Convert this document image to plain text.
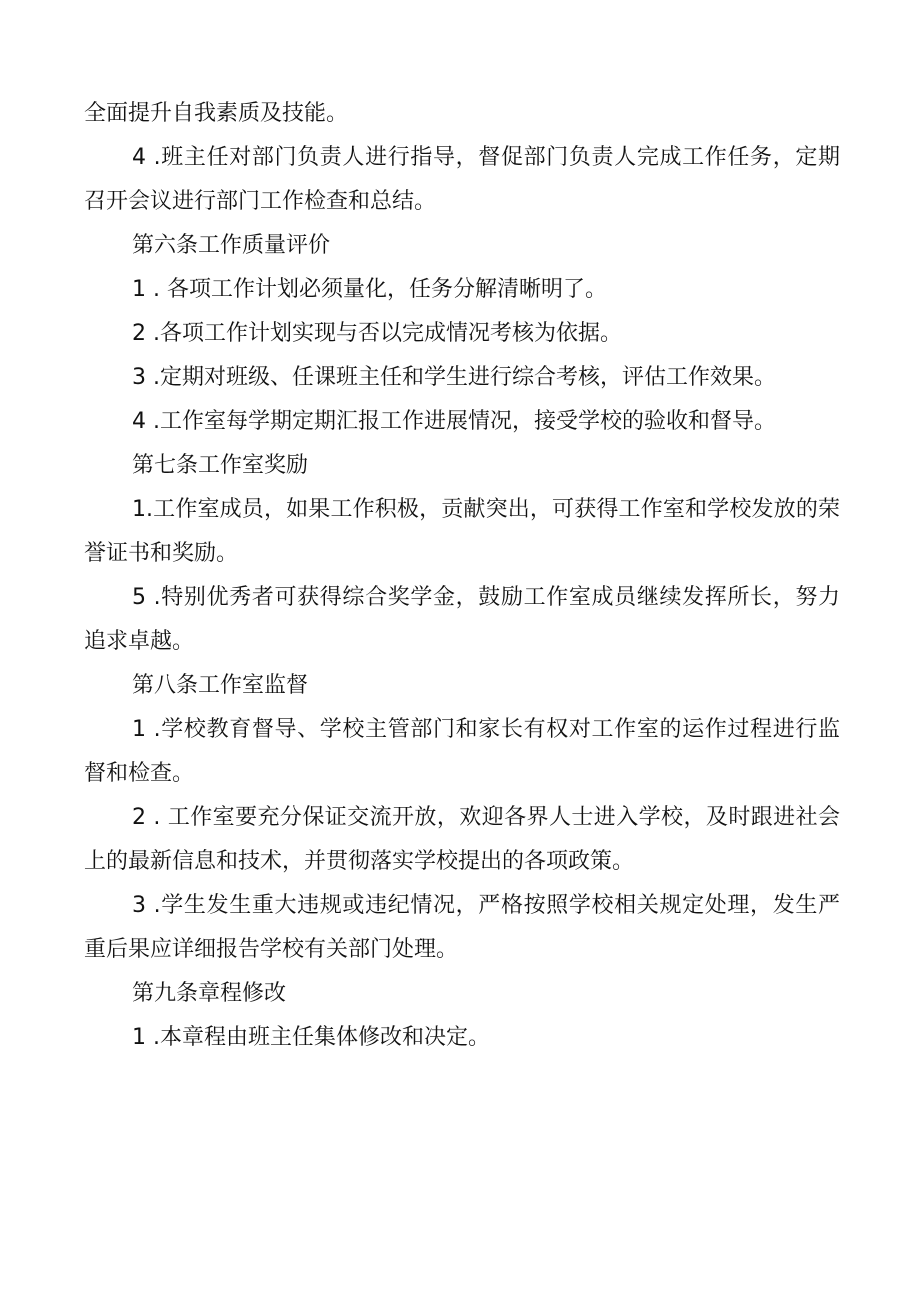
全面提升自我素质及技能。

4 .班主任对部门负责人进行指导，督促部门负责人完成工作任务，定期召开会议进行部门工作检查和总结。

第六条工作质量评价

1 . 各项工作计划必须量化，任务分解清晰明了。

2 .各项工作计划实现与否以完成情况考核为依据。

3 .定期对班级、任课班主任和学生进行综合考核，评估工作效果。

4 .工作室每学期定期汇报工作进展情况，接受学校的验收和督导。

第七条工作室奖励

1.工作室成员，如果工作积极，贡献突出，可获得工作室和学校发放的荣誉证书和奖励。

5 .特别优秀者可获得综合奖学金，鼓励工作室成员继续发挥所长，努力追求卓越。

第八条工作室监督

1 .学校教育督导、学校主管部门和家长有权对工作室的运作过程进行监督和检查。

2 . 工作室要充分保证交流开放，欢迎各界人士进入学校，及时跟进社会上的最新信息和技术，并贯彻落实学校提出的各项政策。

3 .学生发生重大违规或违纪情况，严格按照学校相关规定处理，发生严重后果应详细报告学校有关部门处理。

第九条章程修改

1 .本章程由班主任集体修改和决定。
